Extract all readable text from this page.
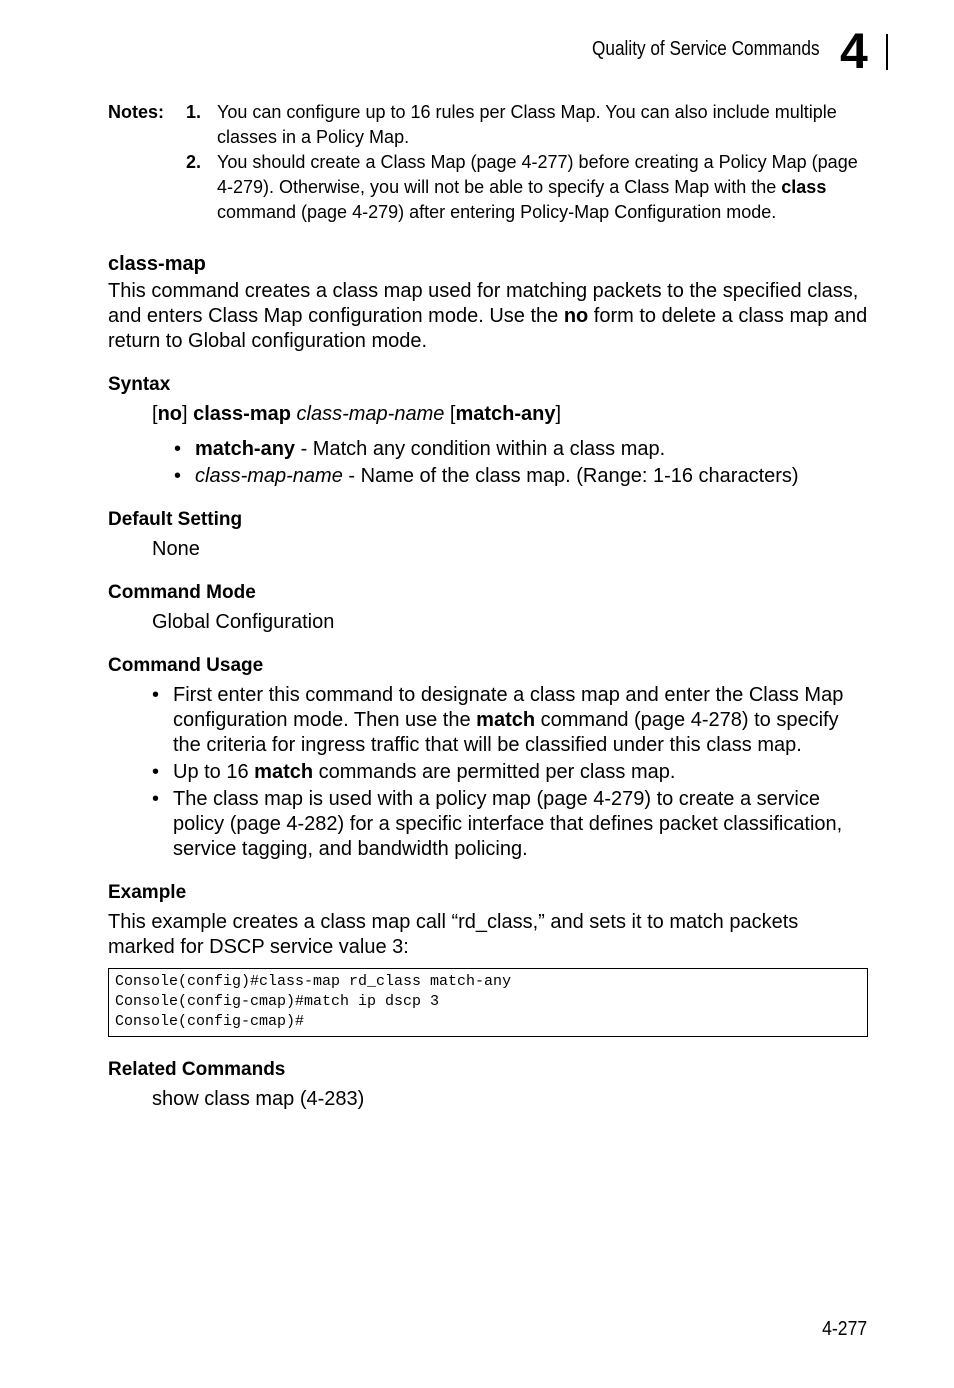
Quality of Service Commands 4
Notes: 1. You can configure up to 16 rules per Class Map. You can also include multiple classes in a Policy Map.
2. You should create a Class Map (page 4-277) before creating a Policy Map (page 4-279). Otherwise, you will not be able to specify a Class Map with the class command (page 4-279) after entering Policy-Map Configuration mode.
class-map

This command creates a class map used for matching packets to the specified class, and enters Class Map configuration mode. Use the no form to delete a class map and return to Global configuration mode.

Syntax
[no] class-map class-map-name [match-any]
• match-any - Match any condition within a class map.
• class-map-name - Name of the class map. (Range: 1-16 characters)
Default Setting
None
Command Mode
Global Configuration
Command Usage
• First enter this command to designate a class map and enter the Class Map configuration mode. Then use the match command (page 4-278) to specify the criteria for ingress traffic that will be classified under this class map.
• Up to 16 match commands are permitted per class map.
• The class map is used with a policy map (page 4-279) to create a service policy (page 4-282) for a specific interface that defines packet classification, service tagging, and bandwidth policing.
Example

This example creates a class map call “rd_class,” and sets it to match packets marked for DSCP service value 3:

Console(config)#class-map rd_class match-any
Console(config-cmap)#match ip dscp 3
Console(config-cmap)#
Related Commands
show class map (4-283)
4-277
